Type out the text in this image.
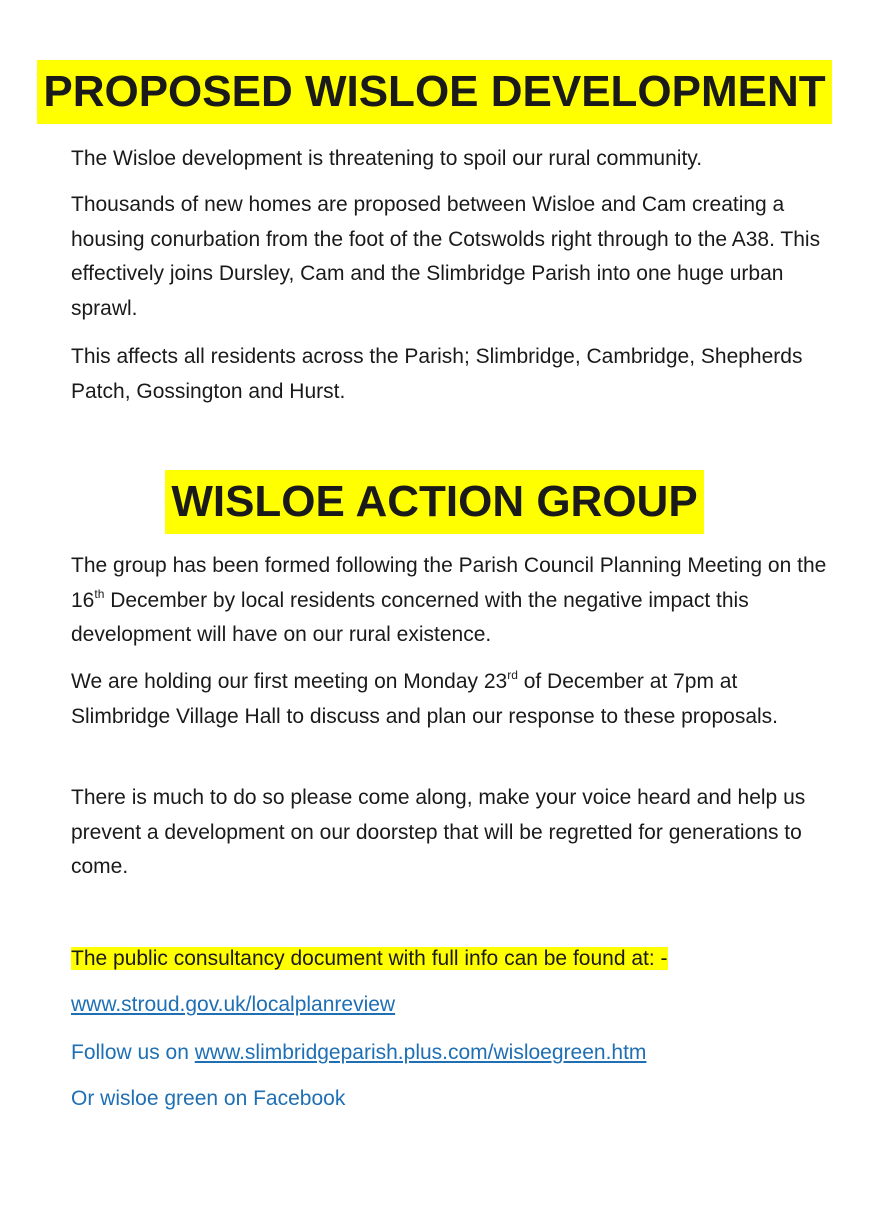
PROPOSED WISLOE DEVELOPMENT

The Wisloe development is threatening to spoil our rural community.

Thousands of new homes are proposed between Wisloe and Cam creating a housing conurbation from the foot of the Cotswolds right through to the A38. This effectively joins Dursley, Cam and the Slimbridge Parish into one huge urban sprawl.

This affects all residents across the Parish; Slimbridge, Cambridge, Shepherds Patch, Gossington and Hurst.

WISLOE ACTION GROUP

The group has been formed following the Parish Council Planning Meeting on the 16th December by local residents concerned with the negative impact this development will have on our rural existence.

We are holding our first meeting on Monday 23rd of December at 7pm at Slimbridge Village Hall to discuss and plan our response to these proposals.

There is much to do so please come along, make your voice heard and help us prevent a development on our doorstep that will be regretted for generations to come.

The public consultancy document with full info can be found at: -
www.stroud.gov.uk/localplanreview
Follow us on www.slimbridgeparish.plus.com/wisloegreen.htm
Or wisloe green on Facebook
